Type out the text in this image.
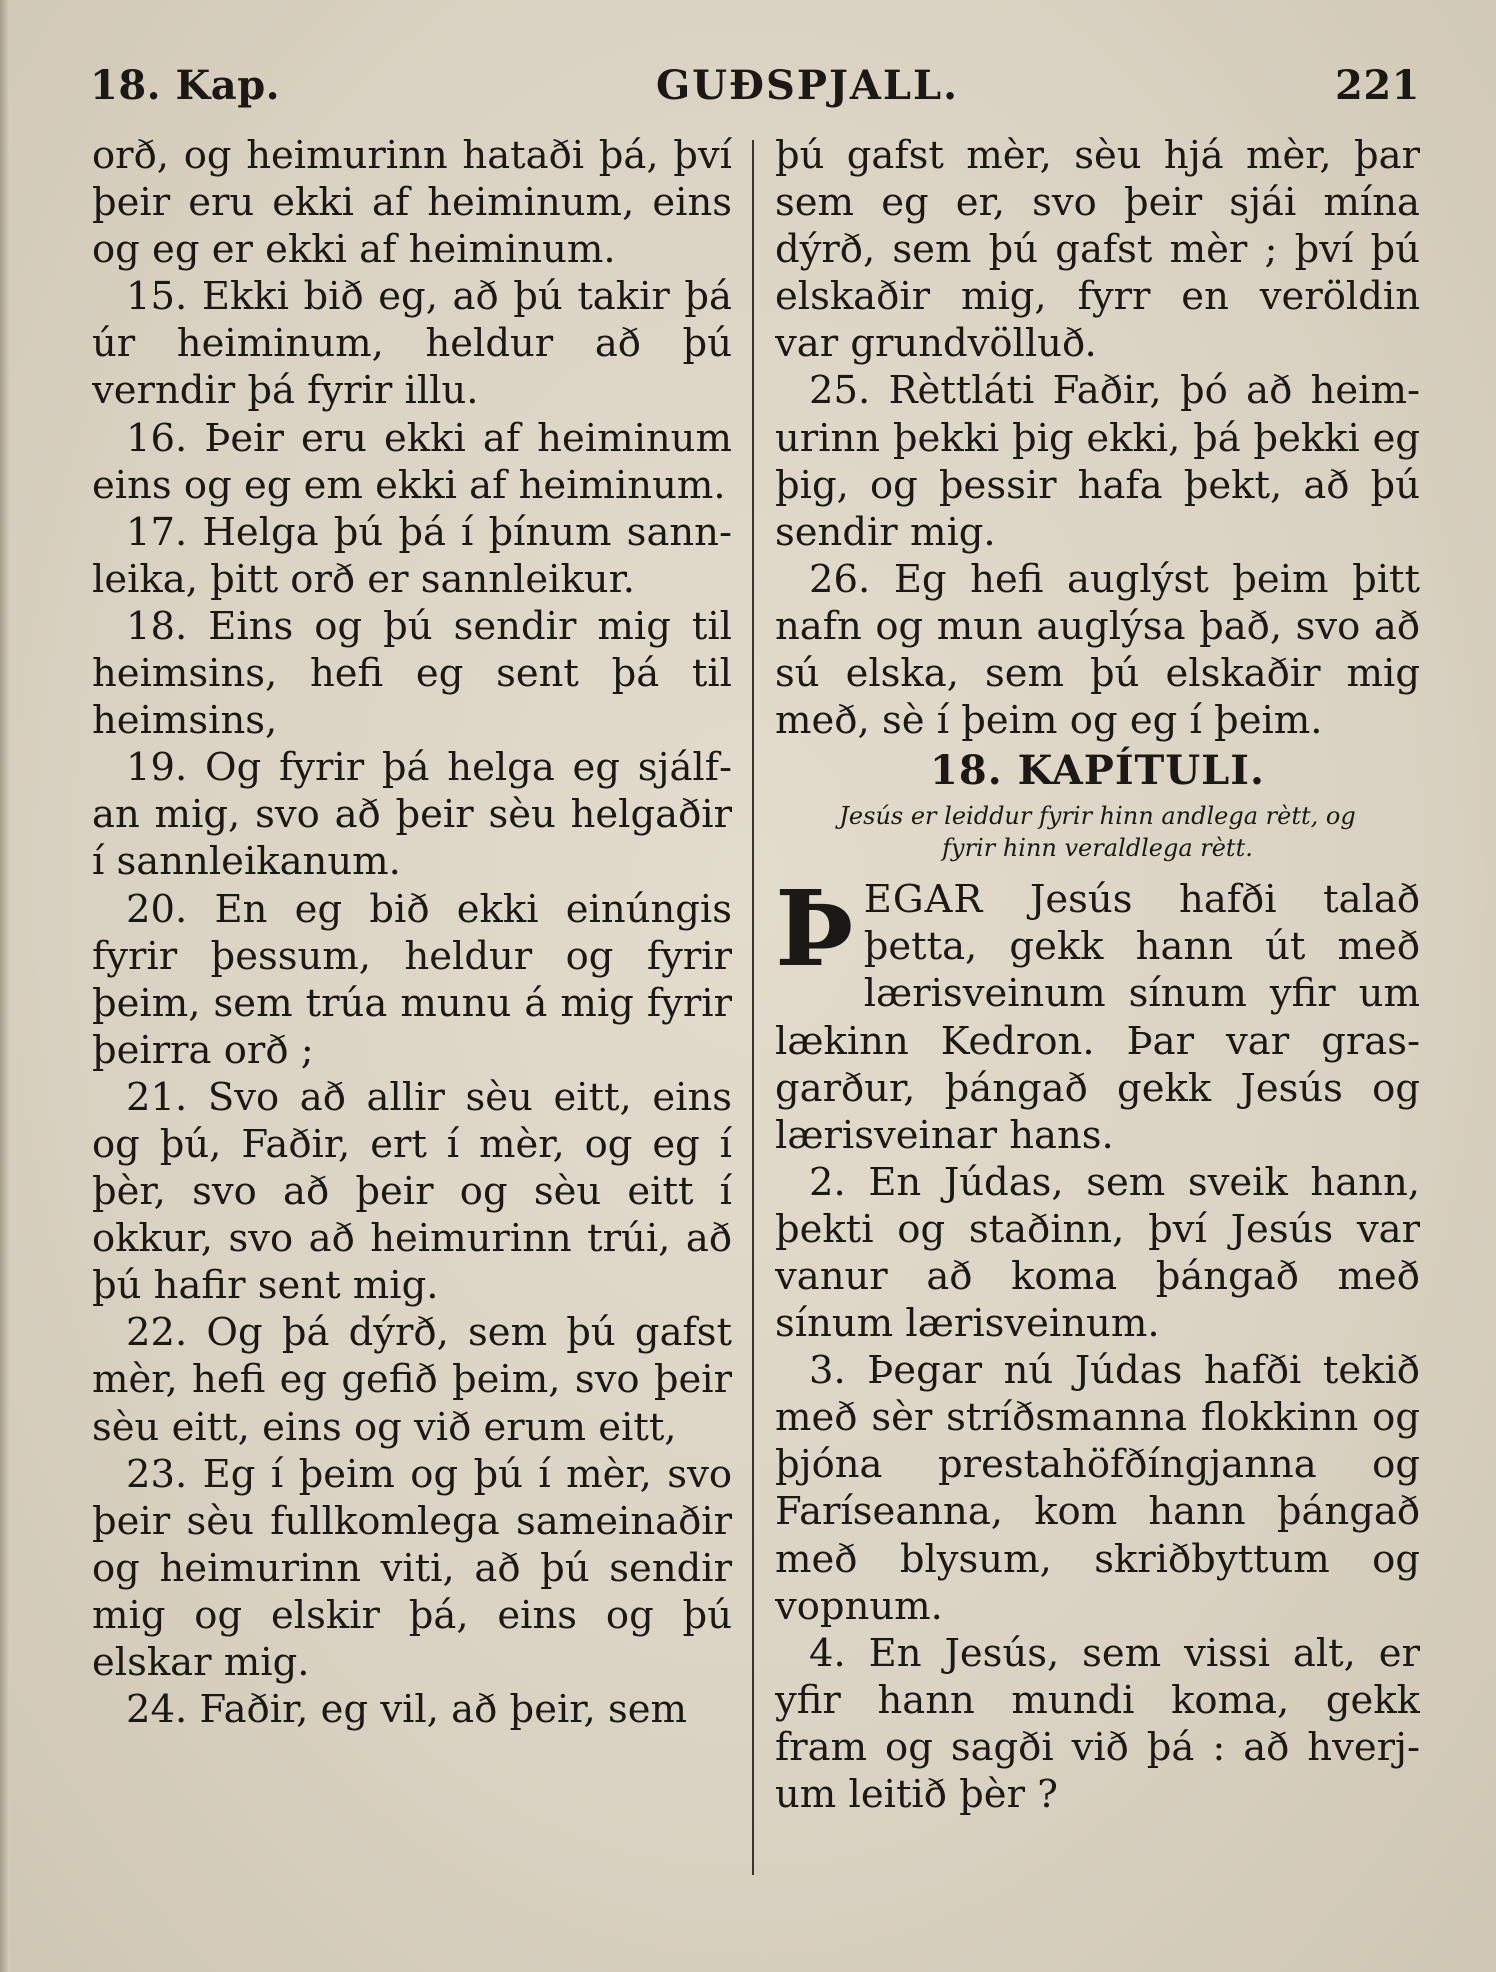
18. Kap.	GUÐSPJALL.	221

orð, og heimurinn hataði þá, því þeir eru ekki af heiminum, eins og eg er ekki af heiminum.

15. Ekki bið eg, að þú takir þá úr heiminum, heldur að þú verndir þá fyrir illu.

16. Þeir eru ekki af heiminum eins og eg em ekki af heiminum.

17. Helga þú þá í þínum sannleika, þitt orð er sannleikur.

18. Eins og þú sendir mig til heimsins, hefi eg sent þá til heimsins,

19. Og fyrir þá helga eg sjálfan mig, svo að þeir sèu helgaðir í sannleikanum.

20. En eg bið ekki einúngis fyrir þessum, heldur og fyrir þeim, sem trúa munu á mig fyrir þeirra orð ;

21. Svo að allir sèu eitt, eins og þú, Faðir, ert í mèr, og eg í þèr, svo að þeir og sèu eitt í okkur, svo að heimurinn trúi, að þú hafir sent mig.

22. Og þá dýrð, sem þú gafst mèr, hefi eg gefið þeim, svo þeir sèu eitt, eins og við erum eitt,

23. Eg í þeim og þú í mèr, svo þeir sèu fullkomlega sameinaðir og heimurinn viti, að þú sendir mig og elskir þá, eins og þú elskar mig.

24. Faðir, eg vil, að þeir, sem

þú gafst mèr, sèu hjá mèr, þar sem eg er, svo þeir sjái mína dýrð, sem þú gafst mèr ; því þú elskaðir mig, fyrr en veröldin var grundvölluð.

25. Rèttláti Faðir, þó að heimurinn þekki þig ekki, þá þekki eg þig, og þessir hafa þekt, að þú sendir mig.

26. Eg hefi auglýst þeim þitt nafn og mun auglýsa það, svo að sú elska, sem þú elskaðir mig með, sè í þeim og eg í þeim.

18. KAPÍTULI.
Jesús er leiddur fyrir hinn andlega rètt, og
fyrir hinn veraldlega rètt.

ÞEGAR Jesús hafði talað þetta, gekk hann út með lærisveinum sínum yfir um lækinn Kedron. Þar var grasgarður, þángað gekk Jesús og lærisveinar hans.

2. En Júdas, sem sveik hann, þekti og staðinn, því Jesús var vanur að koma þángað með sínum lærisveinum.

3. Þegar nú Júdas hafði tekið með sèr stríðsmanna flokkinn og þjóna prestahöfðíngjanna og Faríseanna, kom hann þángað með blysum, skriðbyttum og vopnum.

4. En Jesús, sem vissi alt, er yfir hann mundi koma, gekk fram og sagði við þá : að hverjum leitið þèr ?
